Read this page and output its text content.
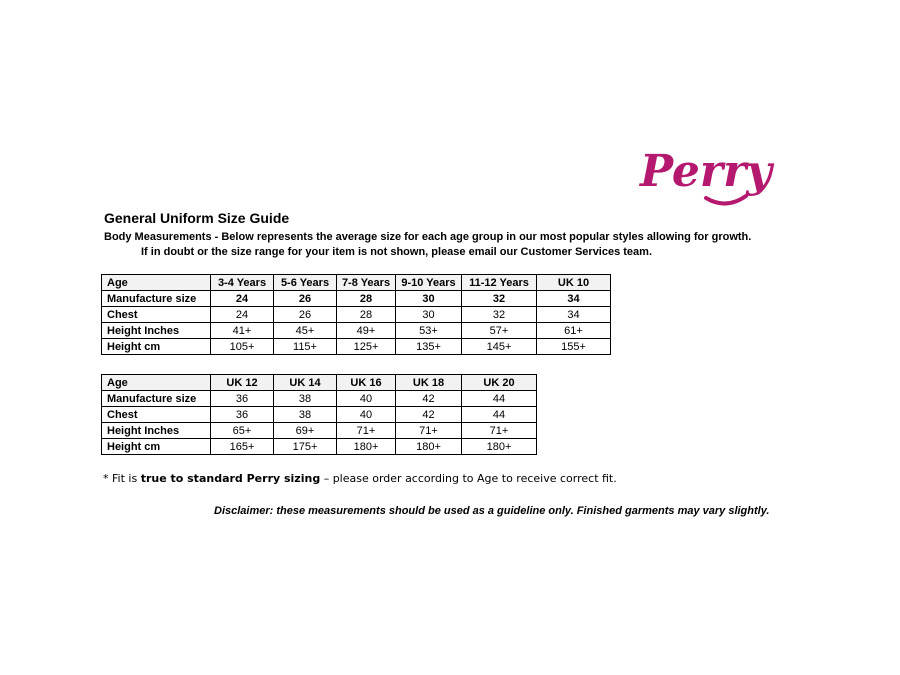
Perry
General Uniform Size Guide
Body Measurements - Below represents the average size for each age group in our most popular styles allowing for growth.
If in doubt or the size range for your item is not shown, please email our Customer Services team.
Age	3-4 Years	5-6 Years	7-8 Years	9-10 Years	11-12 Years	UK 10
Manufacture size	24	26	28	30	32	34
Chest	24	26	28	30	32	34
Height Inches	41+	45+	49+	53+	57+	61+
Height cm	105+	115+	125+	135+	145+	155+
Age	UK 12	UK 14	UK 16	UK 18	UK 20
Manufacture size	36	38	40	42	44
Chest	36	38	40	42	44
Height Inches	65+	69+	71+	71+	71+
Height cm	165+	175+	180+	180+	180+
* Fit is true to standard Perry sizing – please order according to Age to receive correct fit.
Disclaimer: these measurements should be used as a guideline only. Finished garments may vary slightly.
